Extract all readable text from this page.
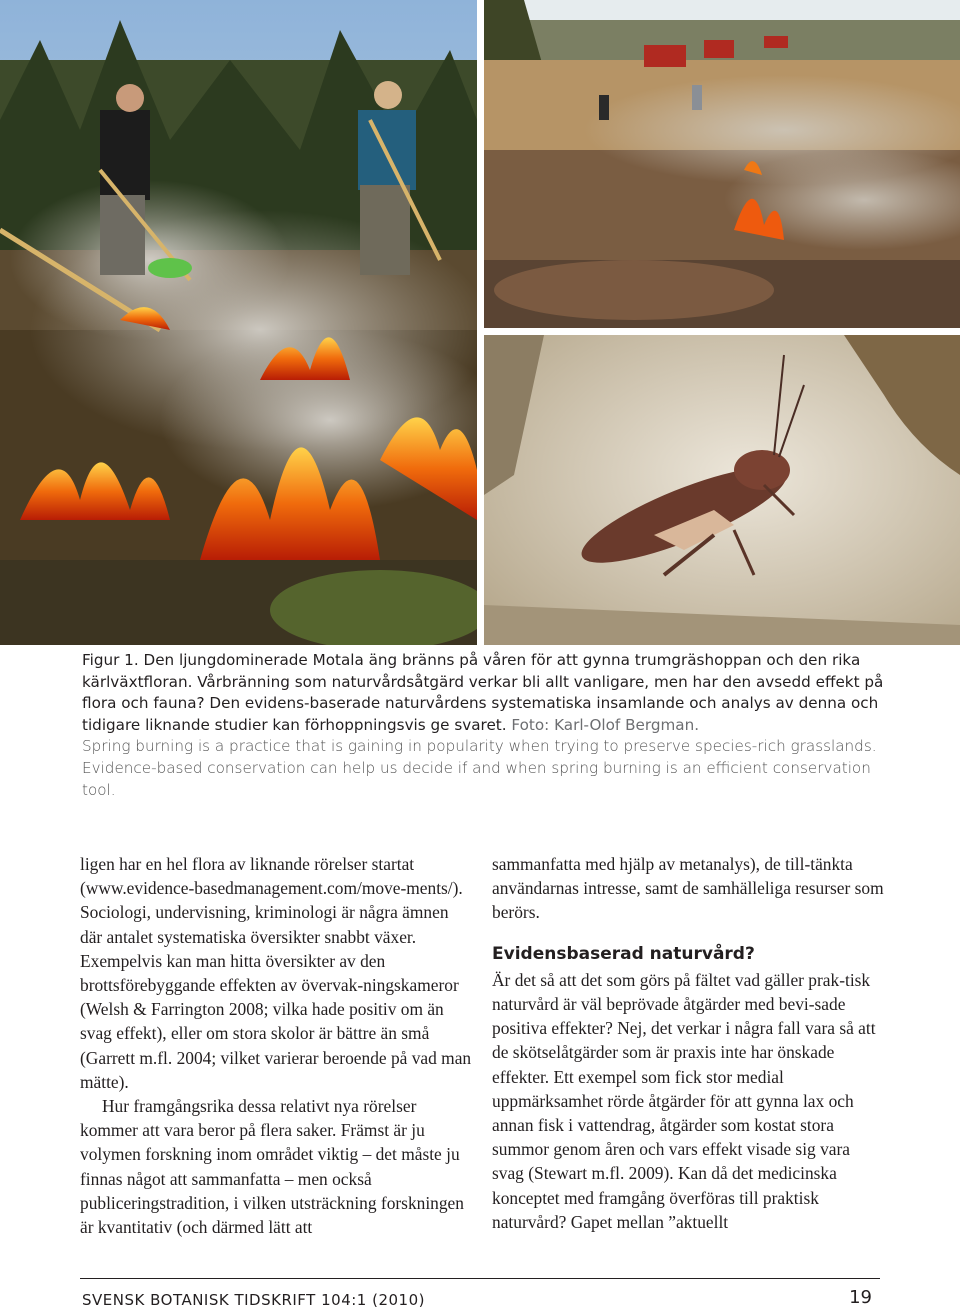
Figur 1. Den ljungdominerade Motala äng bränns på våren för att gynna trumgräshoppan och den rika kärlväxtfloran. Vårbränning som naturvårdsåtgärd verkar bli allt vanligare, men har den avsedd effekt på flora och fauna? Den evidens-baserade naturvårdens systematiska insamlande och analys av denna och tidigare liknande studier kan förhoppningsvis ge svaret. Foto: Karl-Olof Bergman.

Spring burning is a practice that is gaining in popularity when trying to preserve species-rich grasslands. Evidence-based conservation can help us decide if and when spring burning is an efficient conservation tool.

ligen har en hel flora av liknande rörelser startat (www.evidence-basedmanagement.com/move-ments/). Sociologi, undervisning, kriminologi är några ämnen där antalet systematiska översikter snabbt växer. Exempelvis kan man hitta översikter av den brottsförebyggande effekten av övervak-ningskameror (Welsh & Farrington 2008; vilka hade positiv om än svag effekt), eller om stora skolor är bättre än små (Garrett m.fl. 2004; vilket varierar beroende på vad man mätte).

Hur framgångsrika dessa relativt nya rörelser kommer att vara beror på flera saker. Främst är ju volymen forskning inom området viktig – det måste ju finnas något att sammanfatta – men också publiceringstradition, i vilken utsträckning forskningen är kvantitativ (och därmed lätt att

sammanfatta med hjälp av metanalys), de till-tänkta användarnas intresse, samt de samhälleliga resurser som berörs.

Evidensbaserad naturvård?

Är det så att det som görs på fältet vad gäller prak-tisk naturvård är väl beprövade åtgärder med bevi-sade positiva effekter? Nej, det verkar i några fall vara så att de skötselåtgärder som är praxis inte har önskade effekter. Ett exempel som fick stor medial uppmärksamhet rörde åtgärder för att gynna lax och annan fisk i vattendrag, åtgärder som kostat stora summor genom åren och vars effekt visade sig vara svag (Stewart m.fl. 2009). Kan då det medicinska konceptet med framgång överföras till praktisk naturvård? Gapet mellan ”aktuellt

SVENSK BOTANISK TIDSKRIFT 104:1 (2010)	19
